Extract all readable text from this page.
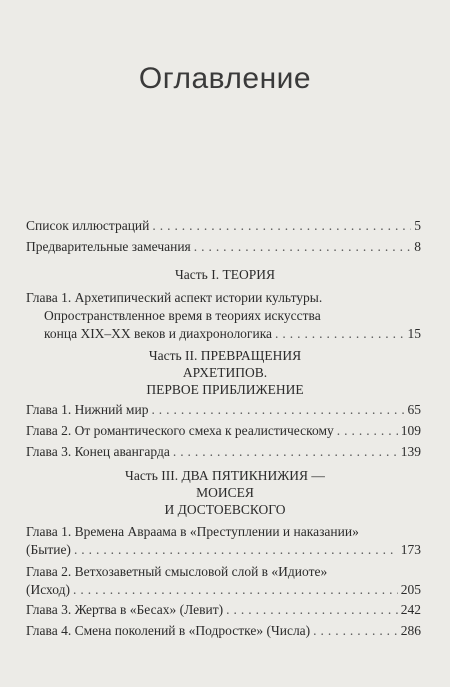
Оглавление
Список иллюстраций . . .	5
Предварительные замечания . . .	8
Часть I. ТЕОРИЯ
Глава 1. Архетипический аспект истории культуры.
Опространствленное время в теориях искусства
конца XIX–XX веков и диахронологика . . .	15
Часть II. ПРЕВРАЩЕНИЯ
АРХЕТИПОВ.
ПЕРВОЕ ПРИБЛИЖЕНИЕ
Глава 1. Нижний мир . . .	65
Глава 2. От романтического смеха к реалистическому . . .	109
Глава 3. Конец авангарда . . .	139
Часть III. ДВА ПЯТИКНИЖИЯ —
МОИСЕЯ
И ДОСТОЕВСКОГО
Глава 1. Времена Авраама в «Преступлении и наказании»
(Бытие) . . .	173
Глава 2. Ветхозаветный смысловой слой в «Идиоте»
(Исход) . . .	205
Глава 3. Жертва в «Бесах» (Левит) . . .	242
Глава 4. Смена поколений в «Подростке» (Числа) . . .	286
